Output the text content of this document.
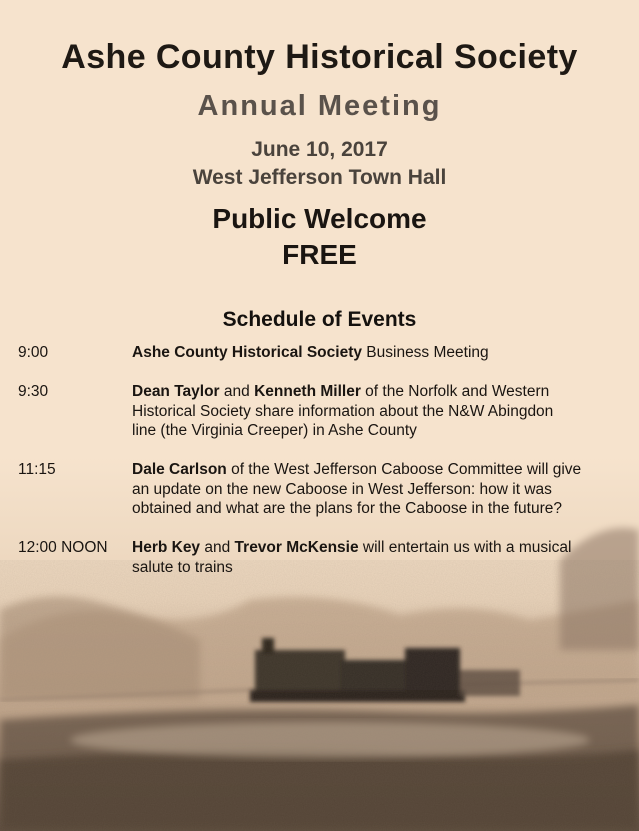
Ashe County Historical Society
Annual Meeting
June 10, 2017
West Jefferson Town Hall
Public Welcome
FREE
Schedule of Events
9:00	Ashe County Historical Society Business Meeting
9:30	Dean Taylor and Kenneth Miller of the Norfolk and Western
Historical Society share information about the N&W Abingdon
line (the Virginia Creeper) in Ashe County
11:15	Dale Carlson of the West Jefferson Caboose Committee will give
an update on the new Caboose in West Jefferson: how it was
obtained and what are the plans for the Caboose in the future?
12:00 NOON Herb Key and Trevor McKensie will entertain us with a musical
salute to trains
